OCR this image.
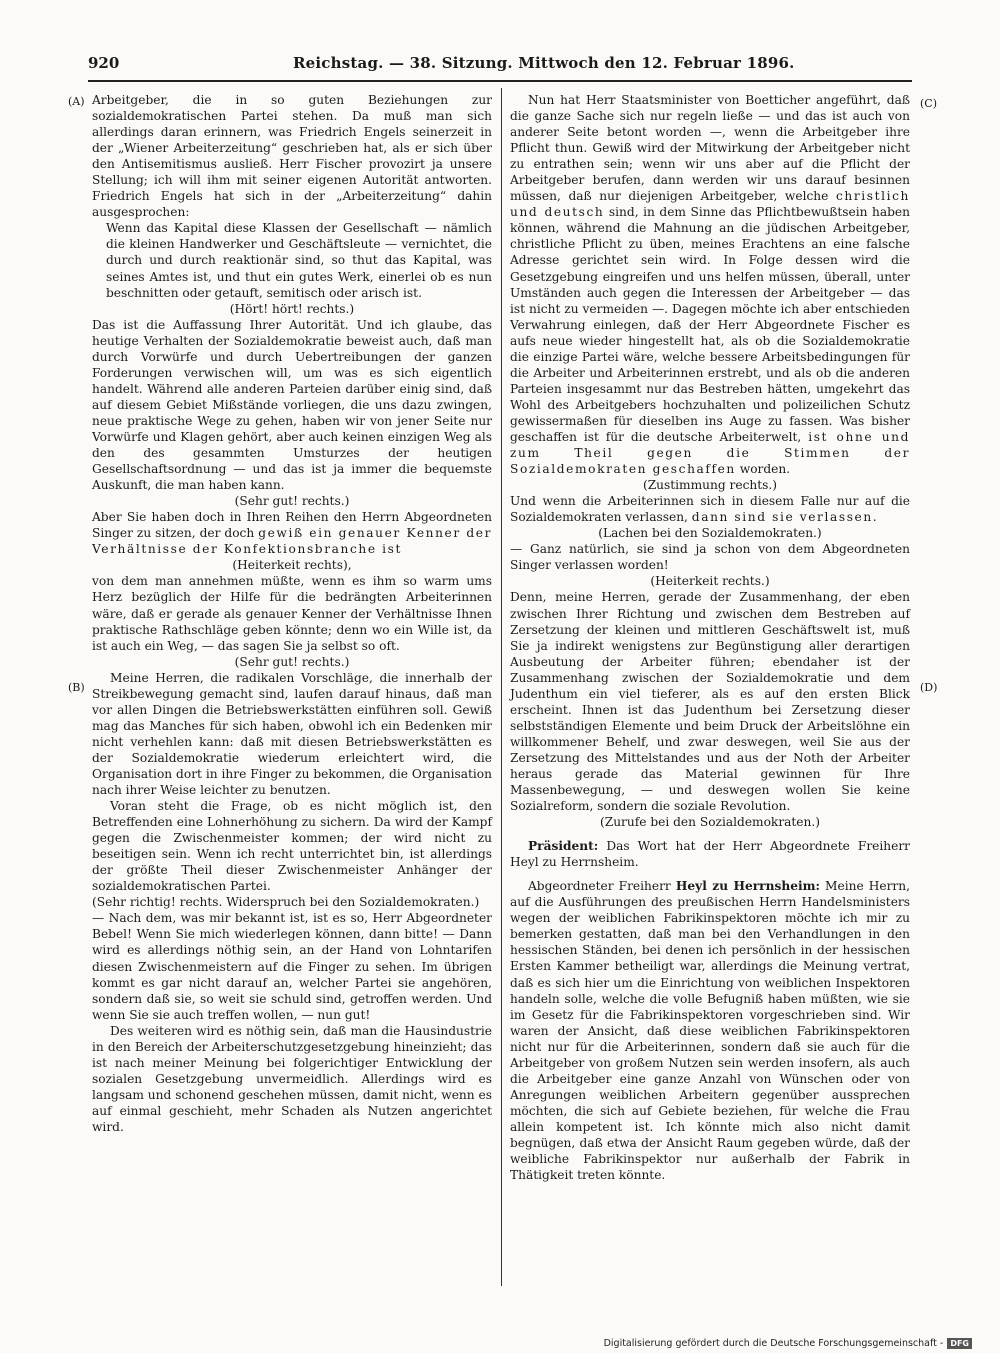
920	Reichstag. — 38. Sitzung. Mittwoch den 12. Februar 1896.
(A)
(B)
(C)
(D)

Arbeitgeber, die in so guten Beziehungen zur sozialdemokratischen Partei stehen. Da muß man sich allerdings daran erinnern, was Friedrich Engels seinerzeit in der „Wiener Arbeiterzeitung“ geschrieben hat, als er sich über den Antisemitismus ausließ. Herr Fischer provozirt ja unsere Stellung; ich will ihm mit seiner eigenen Autorität antworten. Friedrich Engels hat sich in der „Arbeiterzeitung“ dahin ausgesprochen:

Wenn das Kapital diese Klassen der Gesellschaft — nämlich die kleinen Handwerker und Geschäftsleute — vernichtet, die durch und durch reaktionär sind, so thut das Kapital, was seines Amtes ist, und thut ein gutes Werk, einerlei ob es nun beschnitten oder getauft, semitisch oder arisch ist.

(Hört! hört! rechts.)

Das ist die Auffassung Ihrer Autorität. Und ich glaube, das heutige Verhalten der Sozialdemokratie beweist auch, daß man durch Vorwürfe und durch Uebertreibungen der ganzen Forderungen verwischen will, um was es sich eigentlich handelt. Während alle anderen Parteien darüber einig sind, daß auf diesem Gebiet Mißstände vorliegen, die uns dazu zwingen, neue praktische Wege zu gehen, haben wir von jener Seite nur Vorwürfe und Klagen gehört, aber auch keinen einzigen Weg als den des gesammten Umsturzes der heutigen Gesellschaftsordnung — und das ist ja immer die bequemste Auskunft, die man haben kann.

(Sehr gut! rechts.)

Aber Sie haben doch in Ihren Reihen den Herrn Abgeordneten Singer zu sitzen, der doch gewiß ein genauer Kenner der Verhältnisse der Konfektionsbranche ist

(Heiterkeit rechts),

von dem man annehmen müßte, wenn es ihm so warm ums Herz bezüglich der Hilfe für die bedrängten Arbeiterinnen wäre, daß er gerade als genauer Kenner der Verhältnisse Ihnen praktische Rathschläge geben könnte; denn wo ein Wille ist, da ist auch ein Weg, — das sagen Sie ja selbst so oft.

(Sehr gut! rechts.)

Meine Herren, die radikalen Vorschläge, die innerhalb der Streikbewegung gemacht sind, laufen darauf hinaus, daß man vor allen Dingen die Betriebswerkstätten einführen soll. Gewiß mag das Manches für sich haben, obwohl ich ein Bedenken mir nicht verhehlen kann: daß mit diesen Betriebswerkstätten es der Sozialdemokratie wiederum erleichtert wird, die Organisation dort in ihre Finger zu bekommen, die Organisation nach ihrer Weise leichter zu benutzen.

Voran steht die Frage, ob es nicht möglich ist, den Betreffenden eine Lohnerhöhung zu sichern. Da wird der Kampf gegen die Zwischenmeister kommen; der wird nicht zu beseitigen sein. Wenn ich recht unterrichtet bin, ist allerdings der größte Theil dieser Zwischenmeister Anhänger der sozialdemokratischen Partei.

(Sehr richtig! rechts. Widerspruch bei den Sozialdemokraten.)

— Nach dem, was mir bekannt ist, ist es so, Herr Abgeordneter Bebel! Wenn Sie mich wiederlegen können, dann bitte! — Dann wird es allerdings nöthig sein, an der Hand von Lohntarifen diesen Zwischenmeistern auf die Finger zu sehen. Im übrigen kommt es gar nicht darauf an, welcher Partei sie angehören, sondern daß sie, so weit sie schuld sind, getroffen werden. Und wenn Sie sie auch treffen wollen, — nun gut!

Des weiteren wird es nöthig sein, daß man die Hausindustrie in den Bereich der Arbeiterschutzgesetzgebung hineinzieht; das ist nach meiner Meinung bei folgerichtiger Entwicklung der sozialen Gesetzgebung unvermeidlich. Allerdings wird es langsam und schonend geschehen müssen, damit nicht, wenn es auf einmal geschieht, mehr Schaden als Nutzen angerichtet wird.

Nun hat Herr Staatsminister von Boetticher angeführt, daß die ganze Sache sich nur regeln ließe — und das ist auch von anderer Seite betont worden —, wenn die Arbeitgeber ihre Pflicht thun. Gewiß wird der Mitwirkung der Arbeitgeber nicht zu entrathen sein; wenn wir uns aber auf die Pflicht der Arbeitgeber berufen, dann werden wir uns darauf besinnen müssen, daß nur diejenigen Arbeitgeber, welche christlich und deutsch sind, in dem Sinne das Pflichtbewußtsein haben können, während die Mahnung an die jüdischen Arbeitgeber, christliche Pflicht zu üben, meines Erachtens an eine falsche Adresse gerichtet sein wird. In Folge dessen wird die Gesetzgebung eingreifen und uns helfen müssen, überall, unter Umständen auch gegen die Interessen der Arbeitgeber — das ist nicht zu vermeiden —. Dagegen möchte ich aber entschieden Verwahrung einlegen, daß der Herr Abgeordnete Fischer es aufs neue wieder hingestellt hat, als ob die Sozialdemokratie die einzige Partei wäre, welche bessere Arbeitsbedingungen für die Arbeiter und Arbeiterinnen erstrebt, und als ob die anderen Parteien insgesammt nur das Bestreben hätten, umgekehrt das Wohl des Arbeitgebers hochzuhalten und polizeilichen Schutz gewissermaßen für dieselben ins Auge zu fassen. Was bisher geschaffen ist für die deutsche Arbeiterwelt, ist ohne und zum Theil gegen die Stimmen der Sozialdemokraten geschaffen worden.

(Zustimmung rechts.)

Und wenn die Arbeiterinnen sich in diesem Falle nur auf die Sozialdemokraten verlassen, dann sind sie verlassen.

(Lachen bei den Sozialdemokraten.)

— Ganz natürlich, sie sind ja schon von dem Abgeordneten Singer verlassen worden!

(Heiterkeit rechts.)

Denn, meine Herren, gerade der Zusammenhang, der eben zwischen Ihrer Richtung und zwischen dem Bestreben auf Zersetzung der kleinen und mittleren Geschäftswelt ist, muß Sie ja indirekt wenigstens zur Begünstigung aller derartigen Ausbeutung der Arbeiter führen; ebendaher ist der Zusammenhang zwischen der Sozialdemokratie und dem Judenthum ein viel tieferer, als es auf den ersten Blick erscheint. Ihnen ist das Judenthum bei Zersetzung dieser selbstständigen Elemente und beim Druck der Arbeitslöhne ein willkommener Behelf, und zwar deswegen, weil Sie aus der Zersetzung des Mittelstandes und aus der Noth der Arbeiter heraus gerade das Material gewinnen für Ihre Massenbewegung, — und deswegen wollen Sie keine Sozialreform, sondern die soziale Revolution.

(Zurufe bei den Sozialdemokraten.)

Präsident: Das Wort hat der Herr Abgeordnete Freiherr Heyl zu Herrnsheim.

Abgeordneter Freiherr Heyl zu Herrnsheim: Meine Herrn, auf die Ausführungen des preußischen Herrn Handelsministers wegen der weiblichen Fabrikinspektoren möchte ich mir zu bemerken gestatten, daß man bei den Verhandlungen in den hessischen Ständen, bei denen ich persönlich in der hessischen Ersten Kammer betheiligt war, allerdings die Meinung vertrat, daß es sich hier um die Einrichtung von weiblichen Inspektoren handeln solle, welche die volle Befugniß haben müßten, wie sie im Gesetz für die Fabrikinspektoren vorgeschrieben sind. Wir waren der Ansicht, daß diese weiblichen Fabrikinspektoren nicht nur für die Arbeiterinnen, sondern daß sie auch für die Arbeitgeber von großem Nutzen sein werden insofern, als auch die Arbeitgeber eine ganze Anzahl von Wünschen oder von Anregungen weiblichen Arbeitern gegenüber aussprechen möchten, die sich auf Gebiete beziehen, für welche die Frau allein kompetent ist. Ich könnte mich also nicht damit begnügen, daß etwa der Ansicht Raum gegeben würde, daß der weibliche Fabrikinspektor nur außerhalb der Fabrik in Thätigkeit treten könnte.

Digitalisierung gefördert durch die Deutsche Forschungsgemeinschaft - DFG
